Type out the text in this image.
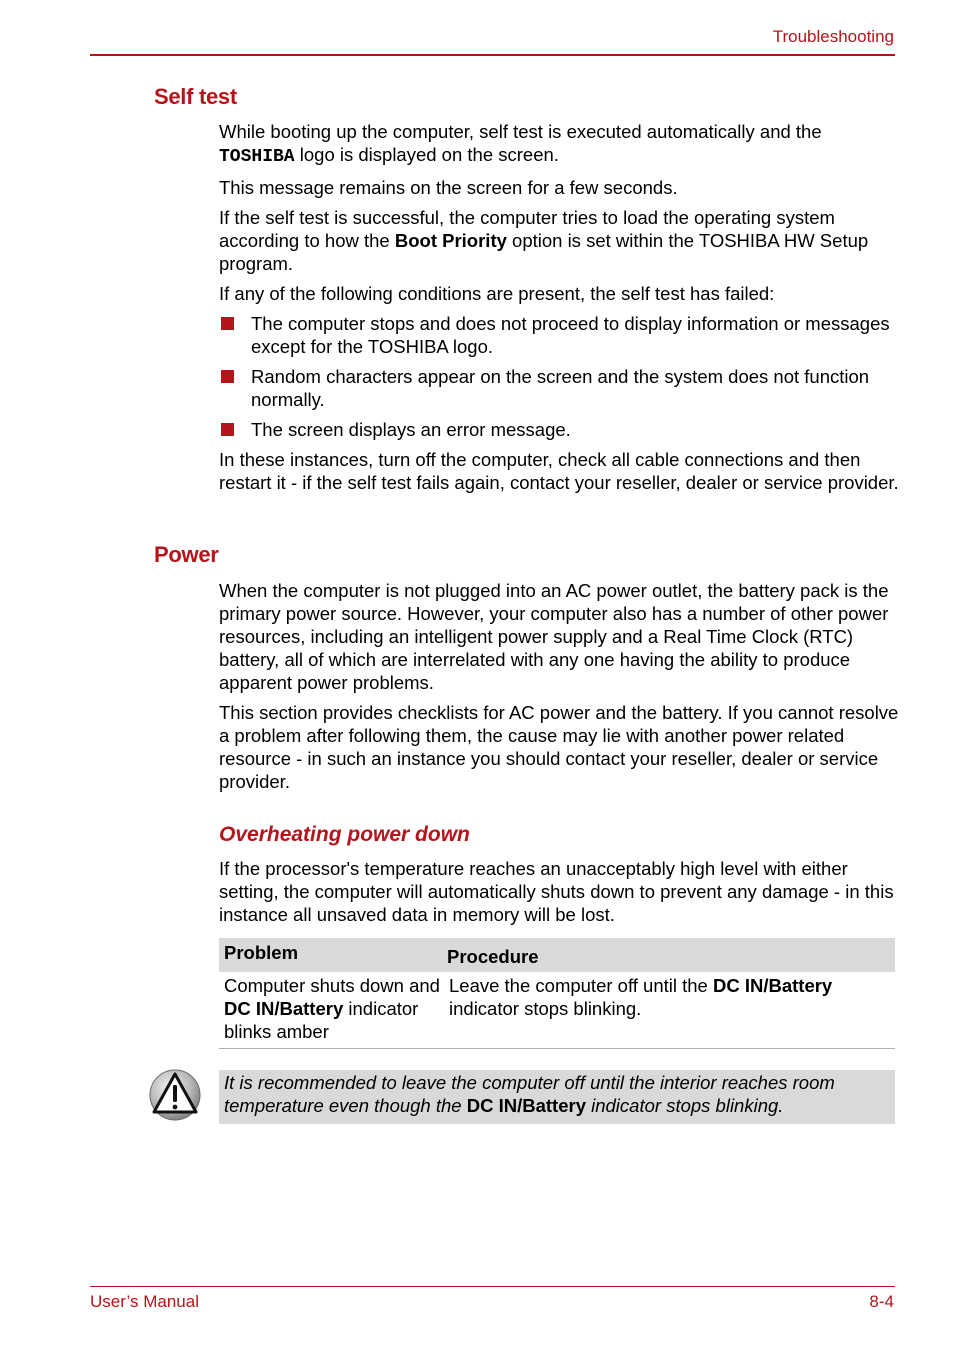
Troubleshooting
Self test

While booting up the computer, self test is executed automatically and the TOSHIBA logo is displayed on the screen.

This message remains on the screen for a few seconds.

If the self test is successful, the computer tries to load the operating system according to how the Boot Priority option is set within the TOSHIBA HW Setup program.

If any of the following conditions are present, the self test has failed:

The computer stops and does not proceed to display information or messages except for the TOSHIBA logo.
Random characters appear on the screen and the system does not function normally.
The screen displays an error message.

In these instances, turn off the computer, check all cable connections and then restart it - if the self test fails again, contact your reseller, dealer or service provider.

Power

When the computer is not plugged into an AC power outlet, the battery pack is the primary power source. However, your computer also has a number of other power resources, including an intelligent power supply and a Real Time Clock (RTC) battery, all of which are interrelated with any one having the ability to produce apparent power problems.

This section provides checklists for AC power and the battery. If you cannot resolve a problem after following them, the cause may lie with another power related resource - in such an instance you should contact your reseller, dealer or service provider.

Overheating power down

If the processor's temperature reaches an unacceptably high level with either setting, the computer will automatically shuts down to prevent any damage - in this instance all unsaved data in memory will be lost.

Problem	Procedure
Computer shuts down and DC IN/Battery indicator blinks amber
Leave the computer off until the DC IN/Battery indicator stops blinking.
It is recommended to leave the computer off until the interior reaches room temperature even though the DC IN/Battery indicator stops blinking.
User’s Manual	8-4
